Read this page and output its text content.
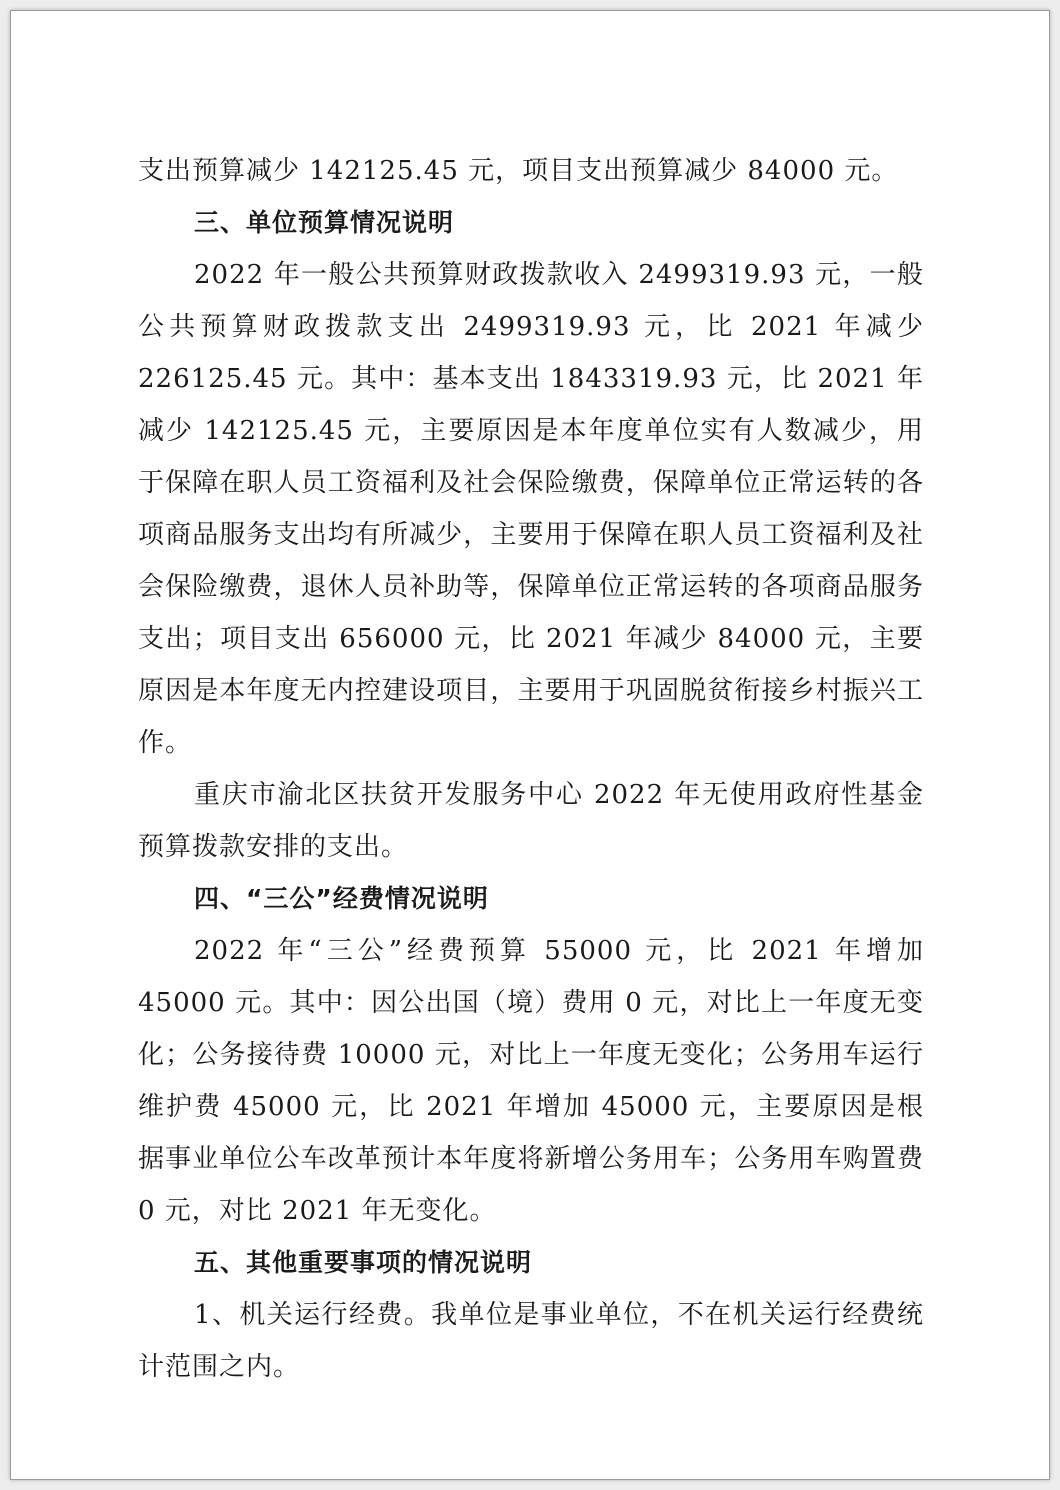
支出预算减少 142125.45 元，项目支出预算减少 84000 元。

三、单位预算情况说明

2022 年一般公共预算财政拨款收入 2499319.93 元，一般公共预算财政拨款支出 2499319.93 元，比 2021 年减少 226125.45 元。其中：基本支出 1843319.93 元，比 2021 年减少 142125.45 元，主要原因是本年度单位实有人数减少，用于保障在职人员工资福利及社会保险缴费，保障单位正常运转的各项商品服务支出均有所减少，主要用于保障在职人员工资福利及社会保险缴费，退休人员补助等，保障单位正常运转的各项商品服务支出；项目支出 656000 元，比 2021 年减少 84000 元，主要原因是本年度无内控建设项目，主要用于巩固脱贫衔接乡村振兴工作。

重庆市渝北区扶贫开发服务中心 2022 年无使用政府性基金预算拨款安排的支出。

四、“三公”经费情况说明

2022 年“三公”经费预算 55000 元，比 2021 年增加 45000 元。其中：因公出国（境）费用 0 元，对比上一年度无变化；公务接待费 10000 元，对比上一年度无变化；公务用车运行维护费 45000 元，比 2021 年增加 45000 元，主要原因是根据事业单位公车改革预计本年度将新增公务用车；公务用车购置费 0 元，对比 2021 年无变化。

五、其他重要事项的情况说明

1、机关运行经费。我单位是事业单位，不在机关运行经费统计范围之内。
